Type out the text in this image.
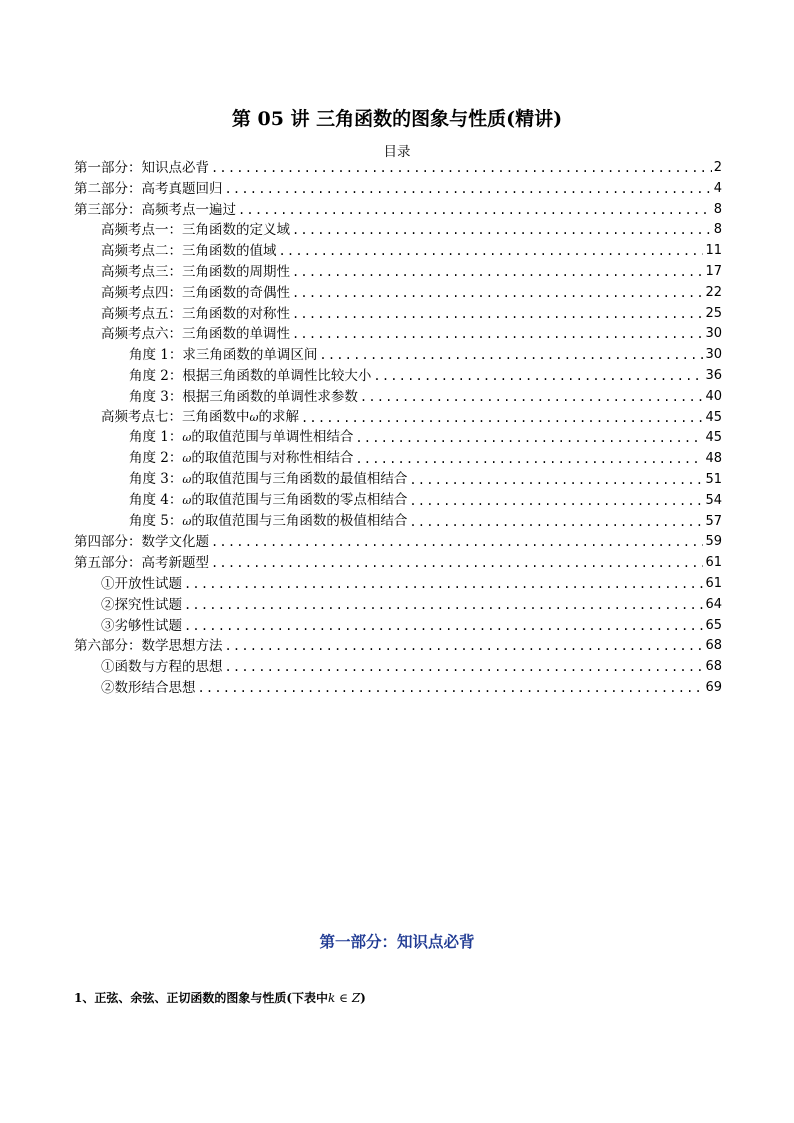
第 05 讲 三角函数的图象与性质(精讲)
目录
第一部分：知识点必背 .....	2
第二部分：高考真题回归 .....	4
第三部分：高频考点一遍过 .....	8
高频考点一：三角函数的定义域 .....	8
高频考点二：三角函数的值域 .....	11
高频考点三：三角函数的周期性 .....	17
高频考点四：三角函数的奇偶性 .....	22
高频考点五：三角函数的对称性 .....	25
高频考点六：三角函数的单调性 .....	30
角度 1：求三角函数的单调区间 .....	30
角度 2：根据三角函数的单调性比较大小 .....	36
角度 3：根据三角函数的单调性求参数 .....	40
高频考点七：三角函数中ω的求解 .....	45
角度 1：ω的取值范围与单调性相结合 .....	45
角度 2：ω的取值范围与对称性相结合 .....	48
角度 3：ω的取值范围与三角函数的最值相结合 .....	51
角度 4：ω的取值范围与三角函数的零点相结合 .....	54
角度 5：ω的取值范围与三角函数的极值相结合 .....	57
第四部分：数学文化题 .....	59
第五部分：高考新题型 .....	61
①开放性试题 .....	61
②探究性试题 .....	64
③劣够性试题 .....	65
第六部分：数学思想方法 .....	68
①函数与方程的思想 .....	68
②数形结合思想 .....	69
第一部分：知识点必背
1、正弦、余弦、正切函数的图象与性质(下表中k ∈ Z)
